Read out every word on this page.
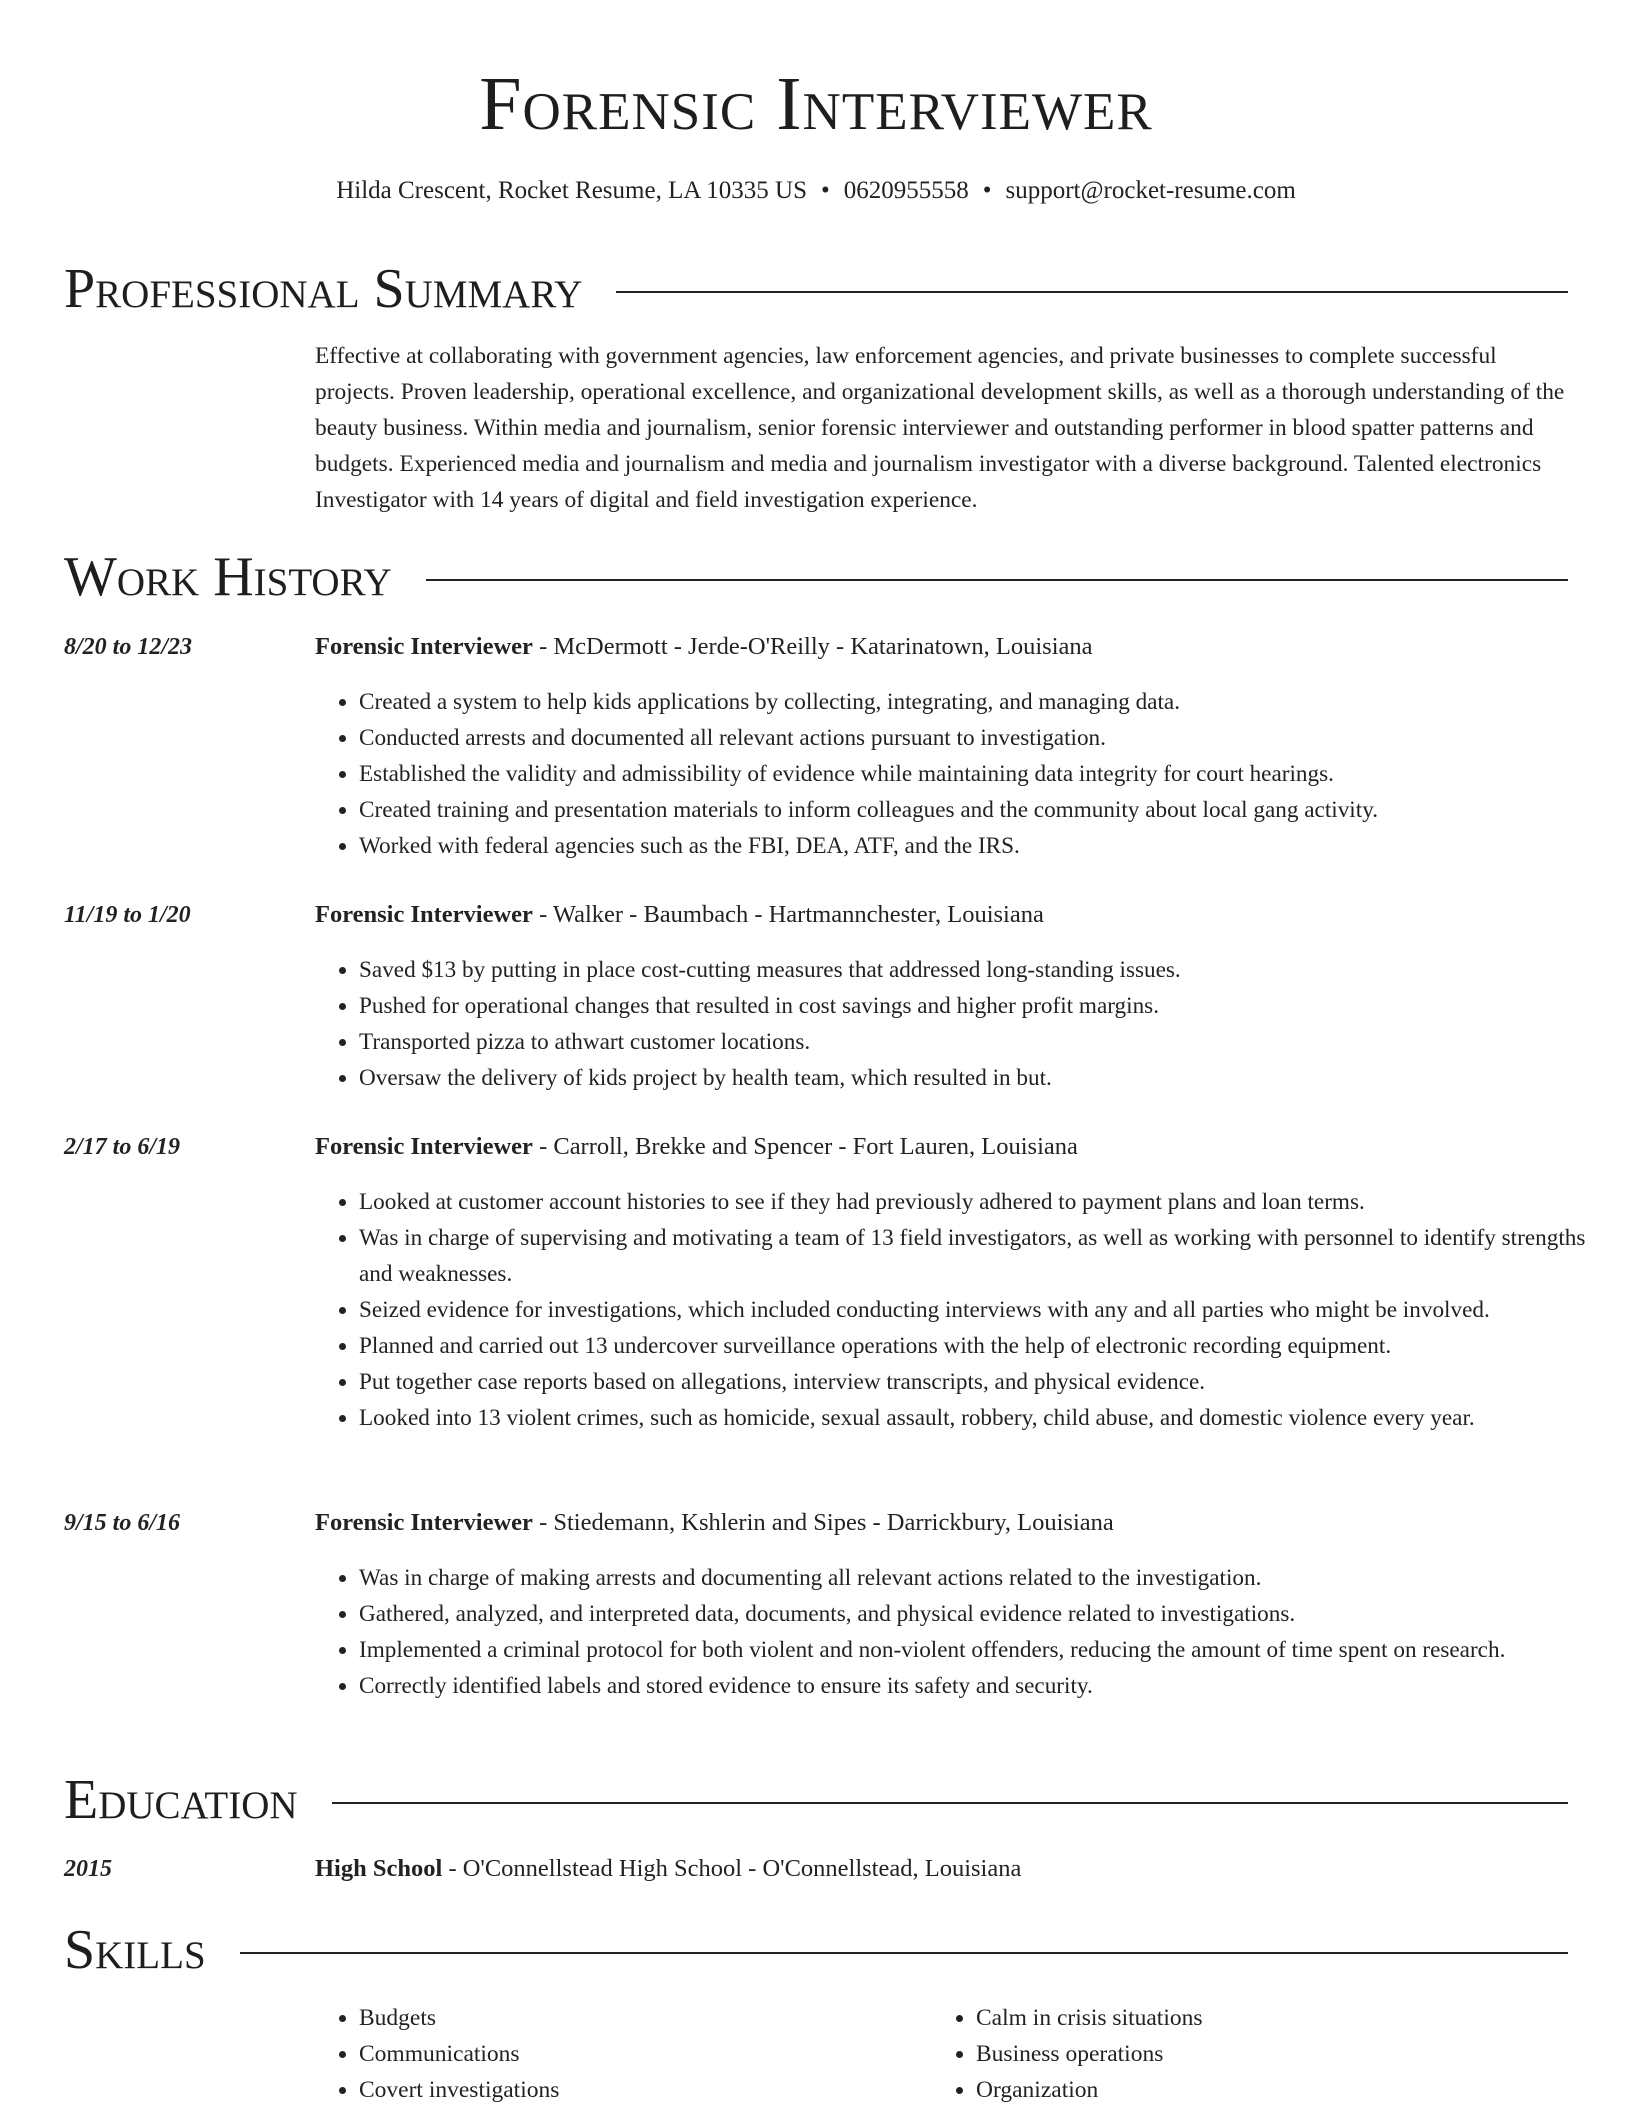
Forensic Interviewer
Hilda Crescent, Rocket Resume, LA 10335 US • 0620955558 • support@rocket-resume.com
Professional Summary

Effective at collaborating with government agencies, law enforcement agencies, and private businesses to complete successful projects. Proven leadership, operational excellence, and organizational development skills, as well as a thorough understanding of the beauty business. Within media and journalism, senior forensic interviewer and outstanding performer in blood spatter patterns and budgets. Experienced media and journalism and media and journalism investigator with a diverse background. Talented electronics Investigator with 14 years of digital and field investigation experience.

Work History
8/20 to 12/23	Forensic Interviewer - McDermott - Jerde-O'Reilly - Katarinatown, Louisiana
• Created a system to help kids applications by collecting, integrating, and managing data.
• Conducted arrests and documented all relevant actions pursuant to investigation.
• Established the validity and admissibility of evidence while maintaining data integrity for court hearings.
• Created training and presentation materials to inform colleagues and the community about local gang activity.
• Worked with federal agencies such as the FBI, DEA, ATF, and the IRS.
11/19 to 1/20	Forensic Interviewer - Walker - Baumbach - Hartmannchester, Louisiana
• Saved $13 by putting in place cost-cutting measures that addressed long-standing issues.
• Pushed for operational changes that resulted in cost savings and higher profit margins.
• Transported pizza to athwart customer locations.
• Oversaw the delivery of kids project by health team, which resulted in but.
2/17 to 6/19	Forensic Interviewer - Carroll, Brekke and Spencer - Fort Lauren, Louisiana
• Looked at customer account histories to see if they had previously adhered to payment plans and loan terms.
• Was in charge of supervising and motivating a team of 13 field investigators, as well as working with personnel to identify strengths and weaknesses.
• Seized evidence for investigations, which included conducting interviews with any and all parties who might be involved.
• Planned and carried out 13 undercover surveillance operations with the help of electronic recording equipment.
• Put together case reports based on allegations, interview transcripts, and physical evidence.
• Looked into 13 violent crimes, such as homicide, sexual assault, robbery, child abuse, and domestic violence every year.
9/15 to 6/16	Forensic Interviewer - Stiedemann, Kshlerin and Sipes - Darrickbury, Louisiana
• Was in charge of making arrests and documenting all relevant actions related to the investigation.
• Gathered, analyzed, and interpreted data, documents, and physical evidence related to investigations.
• Implemented a criminal protocol for both violent and non-violent offenders, reducing the amount of time spent on research.
• Correctly identified labels and stored evidence to ensure its safety and security.
Education
2015	High School - O'Connellstead High School - O'Connellstead, Louisiana
Skills
• Budgets
• Communications
• Covert investigations
• Calm in crisis situations
• Business operations
• Organization
